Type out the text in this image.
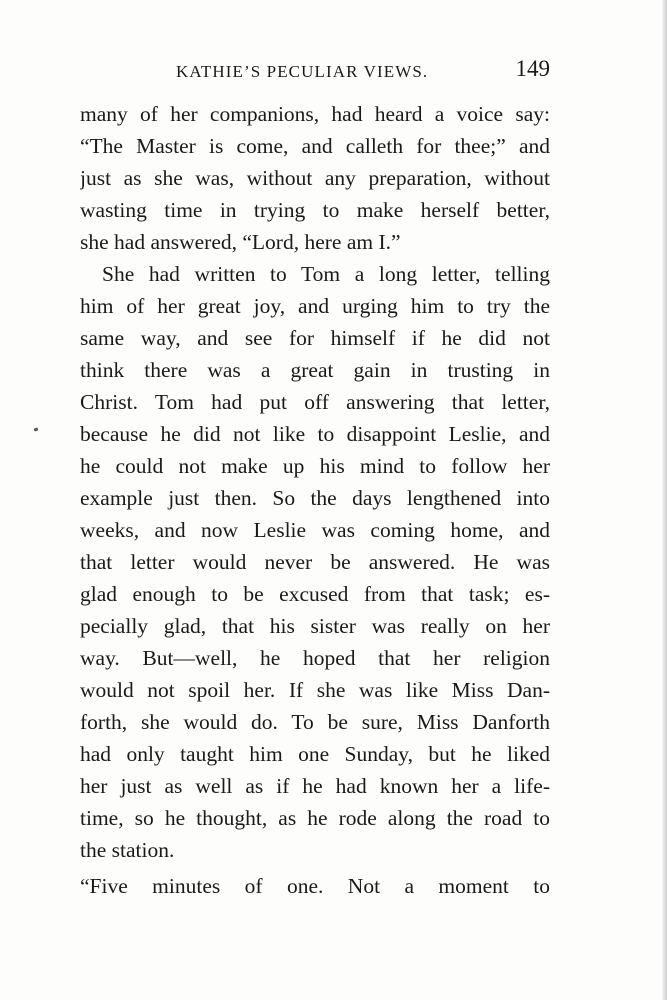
KATHIE’S PECULIAR VIEWS.	149
many of her companions, had heard a voice say:
“The Master is come, and calleth for thee;” and
just as she was, without any preparation, without
wasting time in trying to make herself better,
she had answered, “Lord, here am I.”
She had written to Tom a long letter, telling
him of her great joy, and urging him to try the
same way, and see for himself if he did not
think there was a great gain in trusting in
Christ. Tom had put off answering that letter,
because he did not like to disappoint Leslie, and
he could not make up his mind to follow her
example just then. So the days lengthened into
weeks, and now Leslie was coming home, and
that letter would never be answered. He was
glad enough to be excused from that task; es-
pecially glad, that his sister was really on her
way. But—well, he hoped that her religion
would not spoil her. If she was like Miss Dan-
forth, she would do. To be sure, Miss Danforth
had only taught him one Sunday, but he liked
her just as well as if he had known her a life-
time, so he thought, as he rode along the road to
the station.
“Five minutes of one. Not a moment to
